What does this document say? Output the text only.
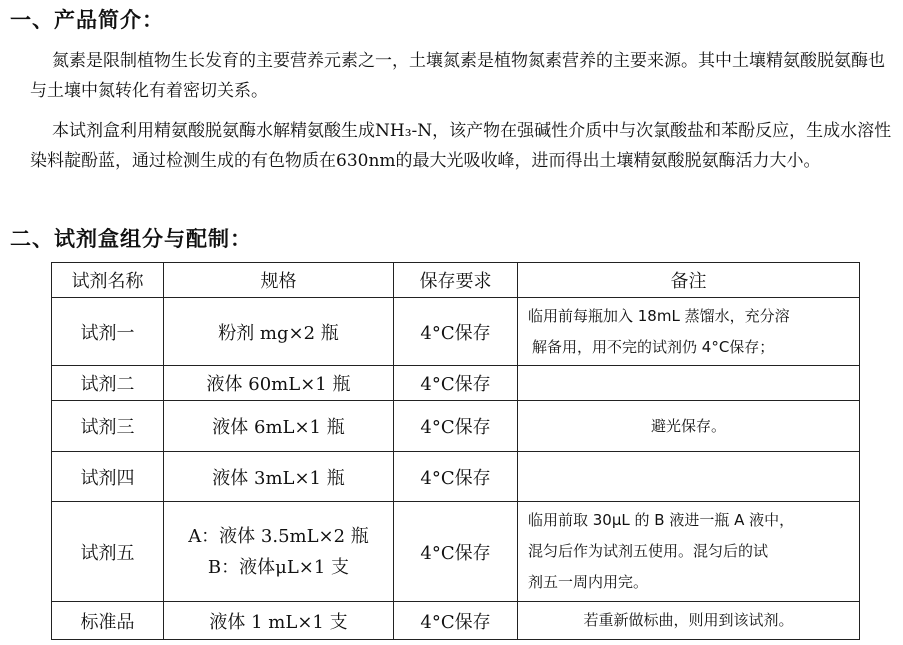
一、产品简介：

氮素是限制植物生长发育的主要营养元素之一，土壤氮素是植物氮素营养的主要来源。其中土壤精氨酸脱氨酶也与土壤中氮转化有着密切关系。

本试剂盒利用精氨酸脱氨酶水解精氨酸生成NH₃-N，该产物在强碱性介质中与次氯酸盐和苯酚反应，生成水溶性染料靛酚蓝，通过检测生成的有色物质在630nm的最大光吸收峰，进而得出土壤精氨酸脱氨酶活力大小。

二、试剂盒组分与配制：
试剂名称	规格	保存要求	备注
试剂一	粉剂 mg×2 瓶	4°C保存	临用前每瓶加入 18mL 蒸馏水，充分溶
解备用，用不完的试剂仍 4°C保存；

试剂二	液体 60mL×1 瓶	4°C保存	
试剂三	液体 6mL×1 瓶	4°C保存	避光保存。
试剂四	液体 3mL×1 瓶	4°C保存	
试剂五	A：液体 3.5mL×2 瓶
B：液体μL×1 支	4°C保存	临用前取 30μL 的 B 液进一瓶 A 液中，
混匀后作为试剂五使用。混匀后的试
剂五一周内用完。

标准品	液体 1 mL×1 支	4°C保存	若重新做标曲，则用到该试剂。
